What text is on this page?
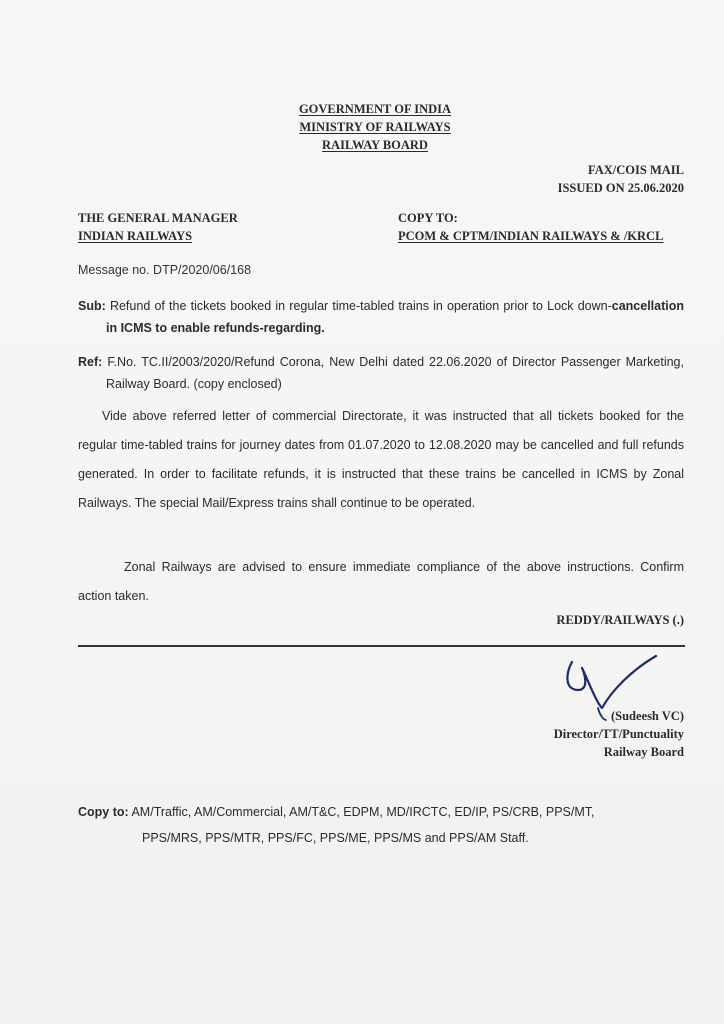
GOVERNMENT OF INDIA
MINISTRY OF RAILWAYS
RAILWAY BOARD
FAX/COIS MAIL
ISSUED ON 25.06.2020
THE GENERAL MANAGER
INDIAN RAILWAYS
COPY TO:
PCOM & CPTM/INDIAN RAILWAYS & /KRCL
Message no. DTP/2020/06/168
Sub: Refund of the tickets booked in regular time-tabled trains in operation prior to Lock down-cancellation in ICMS to enable refunds-regarding.
Ref: F.No. TC.II/2003/2020/Refund Corona, New Delhi dated 22.06.2020 of Director Passenger Marketing, Railway Board. (copy enclosed)
Vide above referred letter of commercial Directorate, it was instructed that all tickets booked for the regular time-tabled trains for journey dates from 01.07.2020 to 12.08.2020 may be cancelled and full refunds generated. In order to facilitate refunds, it is instructed that these trains be cancelled in ICMS by Zonal Railways. The special Mail/Express trains shall continue to be operated.
Zonal Railways are advised to ensure immediate compliance of the above instructions. Confirm action taken.
REDDY/RAILWAYS (.)
(Sudeesh VC)
Director/TT/Punctuality
Railway Board
Copy to: AM/Traffic, AM/Commercial, AM/T&C, EDPM, MD/IRCTC, ED/IP, PS/CRB, PPS/MT,
PPS/MRS, PPS/MTR, PPS/FC, PPS/ME, PPS/MS and PPS/AM Staff.
